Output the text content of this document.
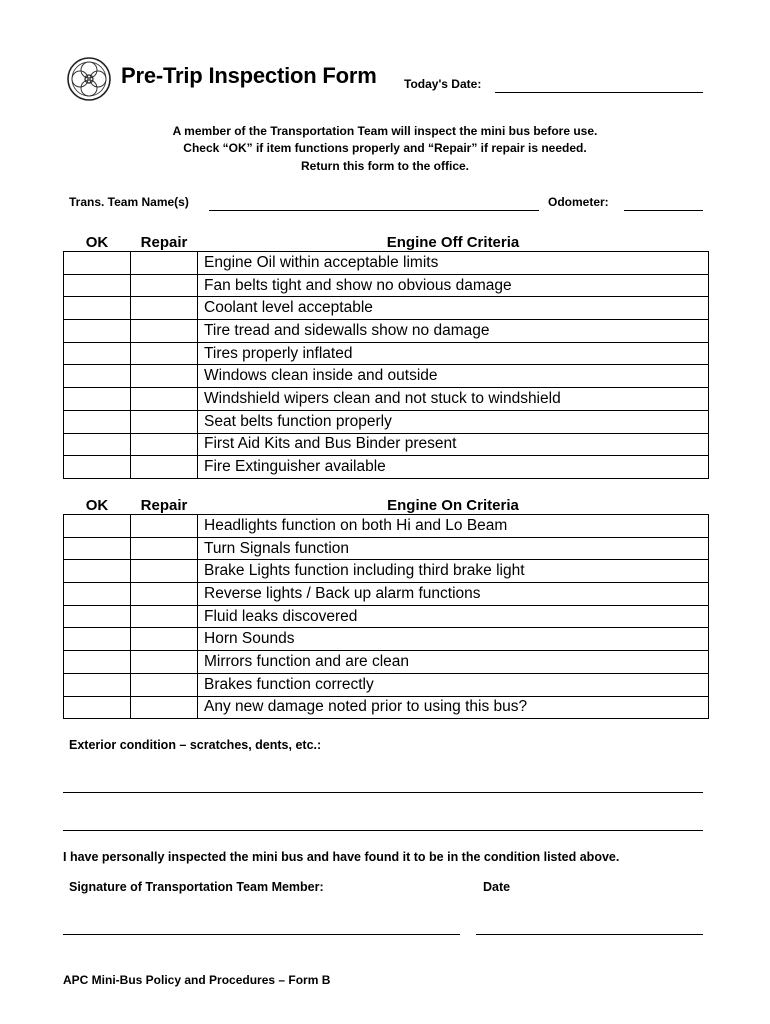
Pre-Trip Inspection Form Today's Date:
A member of the Transportation Team will inspect the mini bus before use.
Check “OK” if item functions properly and “Repair” if repair is needed.
Return this form to the office.
Trans. Team Name(s)	Odometer:
OK	Repair	Engine Off Criteria
		Engine Oil within acceptable limits
		Fan belts tight and show no obvious damage
		Coolant level acceptable
		Tire tread and sidewalls show no damage
		Tires properly inflated
		Windows clean inside and outside
		Windshield wipers clean and not stuck to windshield
		Seat belts function properly
		First Aid Kits and Bus Binder present
		Fire Extinguisher available
OK	Repair	Engine On Criteria
		Headlights function on both Hi and Lo Beam
		Turn Signals function
		Brake Lights function including third brake light
		Reverse lights / Back up alarm functions
		Fluid leaks discovered
		Horn Sounds
		Mirrors function and are clean
		Brakes function correctly
		Any new damage noted prior to using this bus?
Exterior condition – scratches, dents, etc.:
I have personally inspected the mini bus and have found it to be in the condition listed above.
Signature of Transportation Team Member:	Date
APC Mini-Bus Policy and Procedures – Form B
